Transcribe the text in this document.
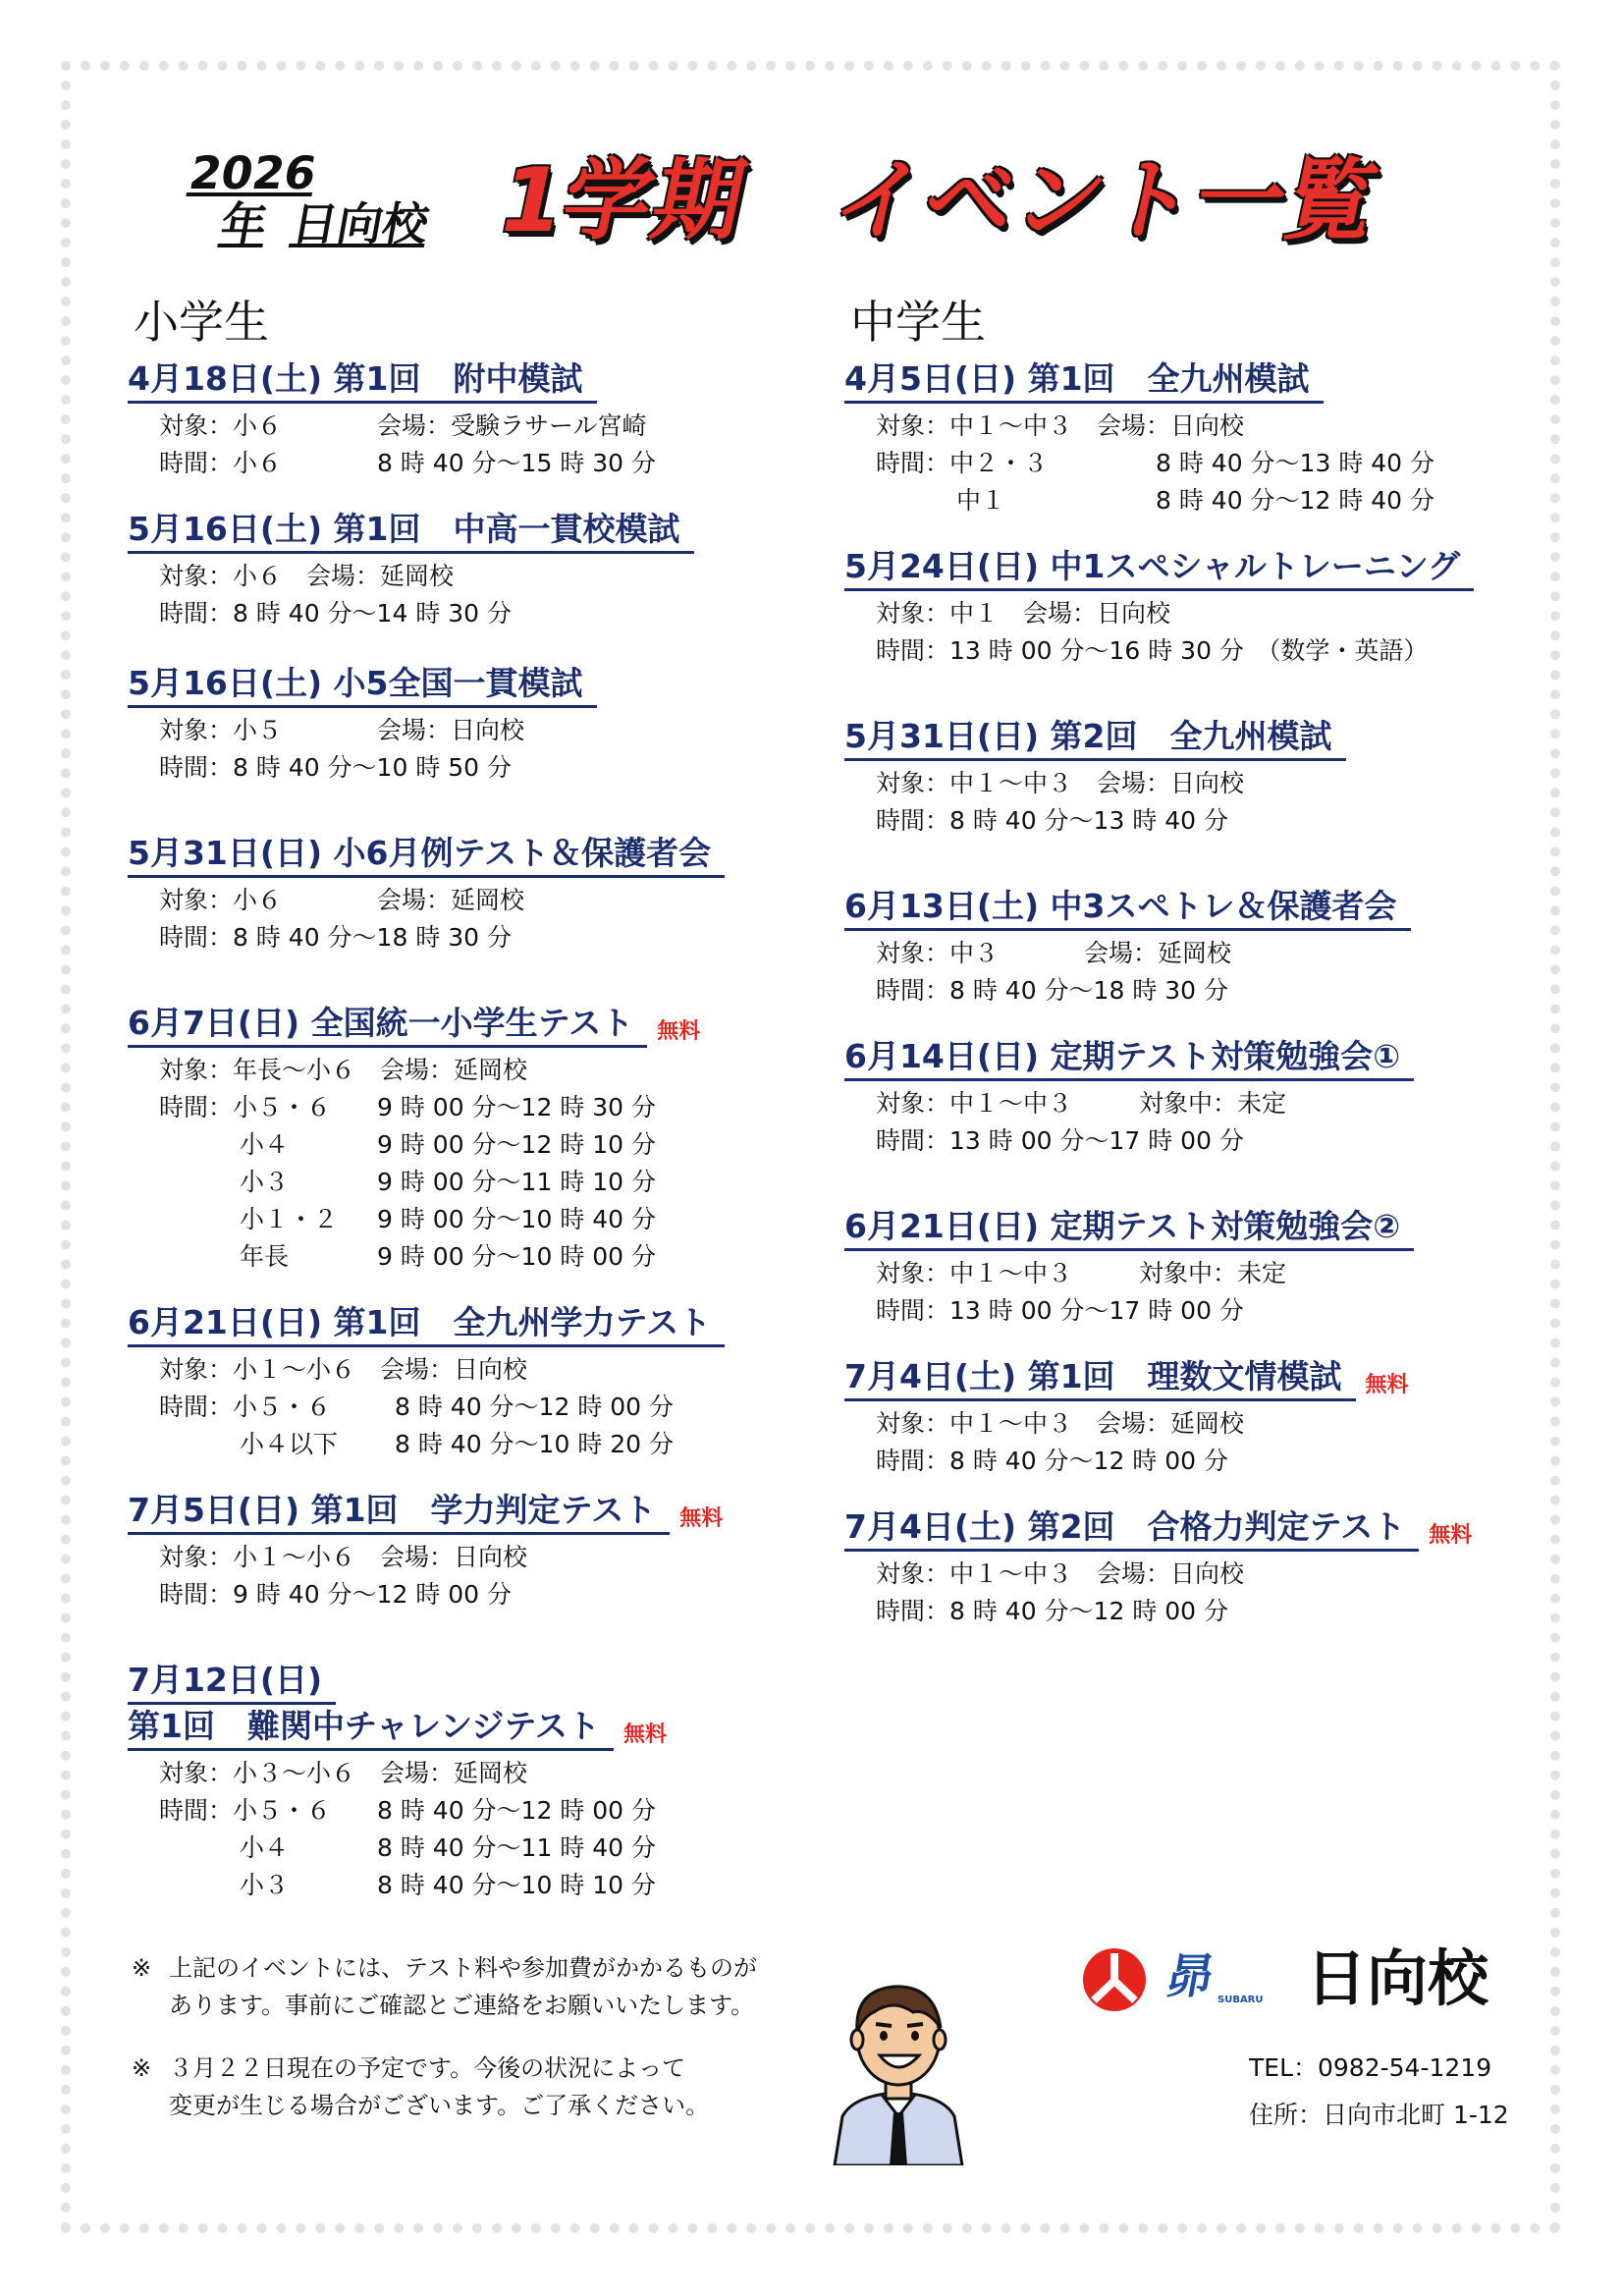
2026 年 日向校 1学期　イベント一覧
小学生
4月18日(土) 第1回　附中模試
対象：小６	会場：受験ラサール宮崎
時間：小６	8 時 40 分～15 時 30 分
5月16日(土) 第1回　中高一貫校模試
対象：小６　会場：延岡校
時間：8 時 40 分～14 時 30 分
5月16日(土) 小5全国一貫模試
対象：小５	会場：日向校
時間：8 時 40 分～10 時 50 分
5月31日(日) 小6月例テスト＆保護者会
対象：小６	会場：延岡校
時間：8 時 40 分～18 時 30 分
6月7日(日) 全国統一小学生テスト 無料
対象：年長～小６　会場：延岡校
時間：小５・６	9 時 00 分～12 時 30 分
小４	9 時 00 分～12 時 10 分
小３	9 時 00 分～11 時 10 分
小１・２	9 時 00 分～10 時 40 分
年長	9 時 00 分～10 時 00 分
6月21日(日) 第1回　全九州学力テスト
対象：小１～小６　会場：日向校
時間：小５・６	8 時 40 分～12 時 00 分
小４以下	8 時 40 分～10 時 20 分
7月5日(日) 第1回　学力判定テスト 無料
対象：小１～小６　会場：日向校
時間：9 時 40 分～12 時 00 分
7月12日(日)
第1回　難関中チャレンジテスト 無料
対象：小３～小６　会場：延岡校
時間：小５・６	8 時 40 分～12 時 00 分
小４	8 時 40 分～11 時 40 分
小３	8 時 40 分～10 時 10 分
中学生
4月5日(日) 第1回　全九州模試
対象：中１～中３　会場：日向校
時間：中２・３	8 時 40 分～13 時 40 分
中１	8 時 40 分～12 時 40 分
5月24日(日) 中1スペシャルトレーニング
対象：中１　会場：日向校
時間：13 時 00 分～16 時 30 分　（数学・英語）
5月31日(日) 第2回　全九州模試
対象：中１～中３　会場：日向校
時間：8 時 40 分～13 時 40 分
6月13日(土) 中3スペトレ＆保護者会
対象：中３	会場：延岡校
時間：8 時 40 分～18 時 30 分
6月14日(日) 定期テスト対策勉強会①
対象：中１～中３	対象中：未定
時間：13 時 00 分～17 時 00 分
6月21日(日) 定期テスト対策勉強会②
対象：中１～中３	対象中：未定
時間：13 時 00 分～17 時 00 分
7月4日(土) 第1回　理数文情模試 無料
対象：中１～中３　会場：延岡校
時間：8 時 40 分～12 時 00 分
7月4日(土) 第2回　合格力判定テスト 無料
対象：中１～中３　会場：日向校
時間：8 時 40 分～12 時 00 分
※ 上記のイベントには、テスト料や参加費がかかるものが
あります。事前にご確認とご連絡をお願いいたします。
※ ３月２２日現在の予定です。今後の状況によって
変更が生じる場合がございます。ご了承ください。
昴 SUBARU 日向校
TEL：0982-54-1219
住所：日向市北町 1-12
